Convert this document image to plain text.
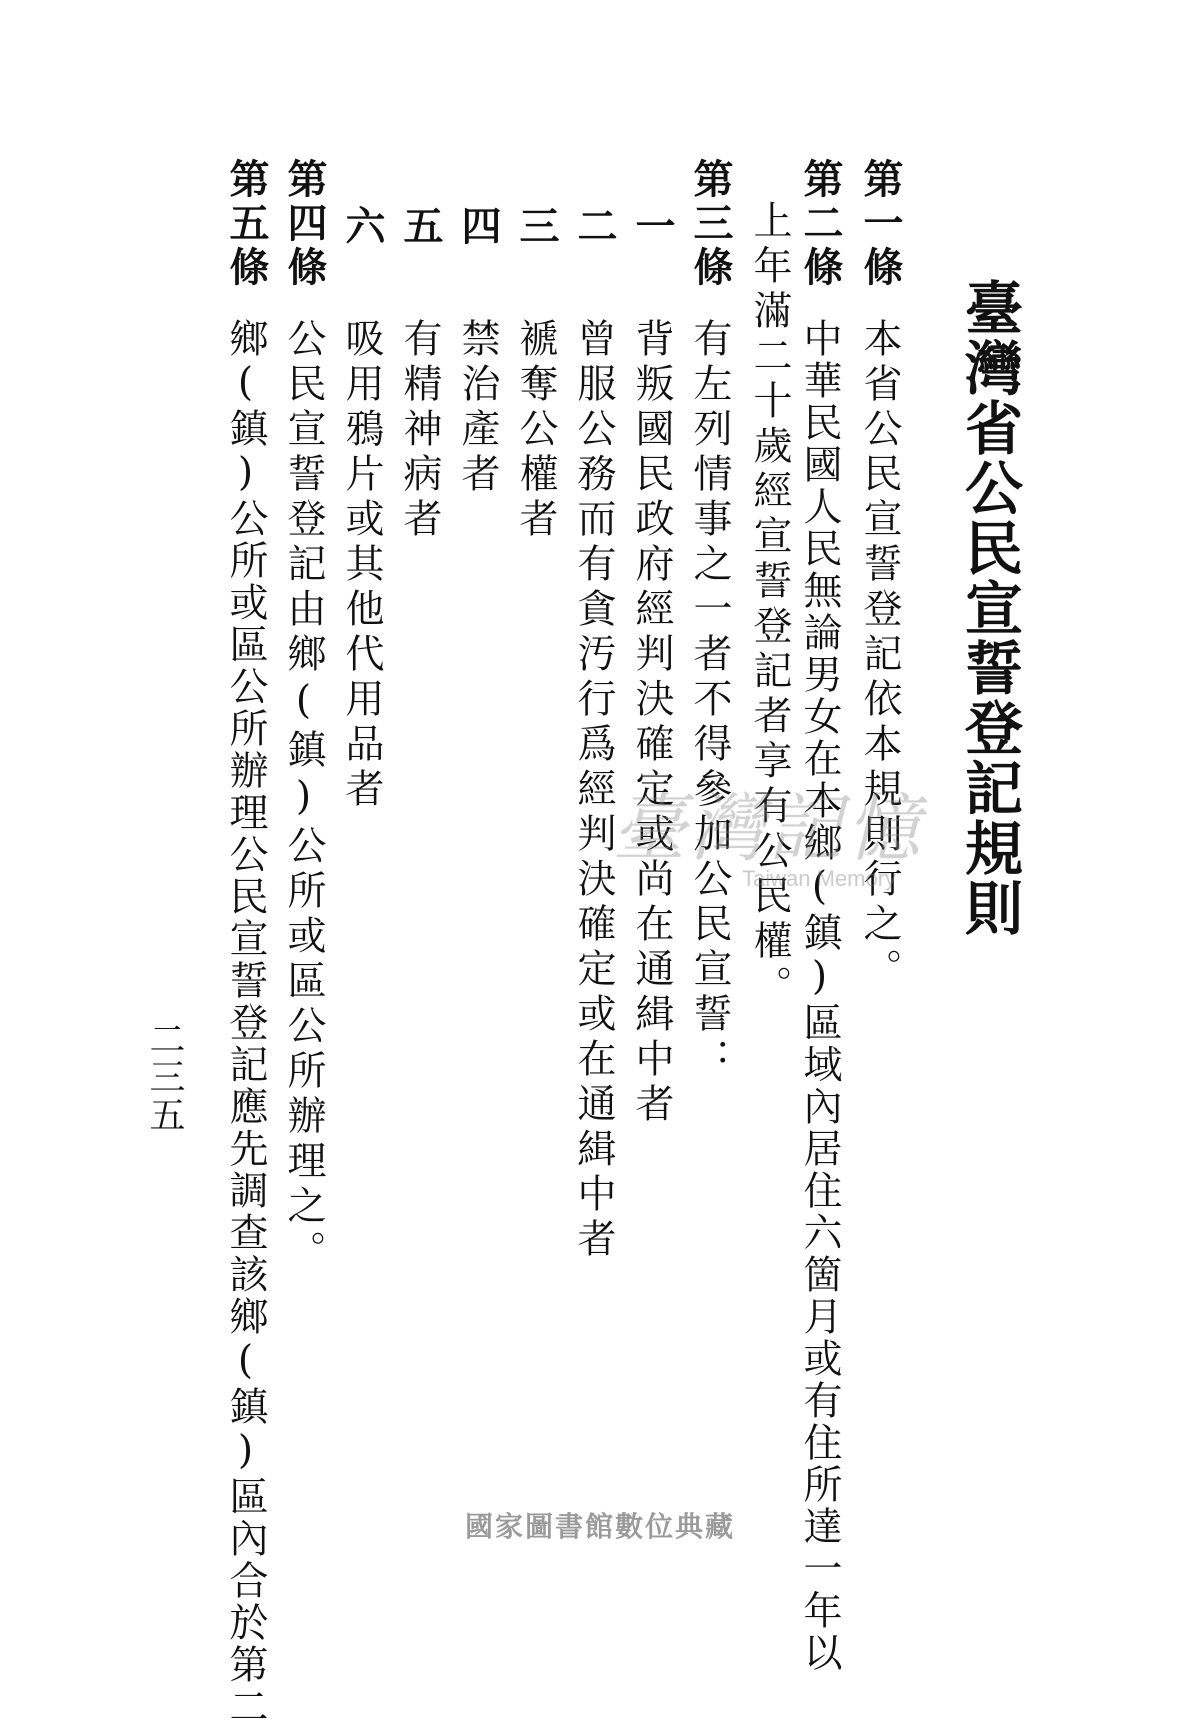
臺灣省公民宣誓登記規則
第一條
本省公民宣誓登記依本規則行之。
第二條
中華民國人民無論男女在本鄉(鎮)區域內居住六箇月或有住所達一年以
上年滿二十歲經宣誓登記者享有公民權。
第三條
有左列情事之一者不得參加公民宣誓：
一
背叛國民政府經判決確定或尚在通緝中者
二
曾服公務而有貪汚行爲經判決確定或在通緝中者
三
褫奪公權者
四
禁治產者
五
有精神病者
六
吸用鴉片或其他代用品者
第四條
公民宣誓登記由鄉(鎮)公所或區公所辦理之。
第五條
鄉(鎮)公所或區公所辦理公民宣誓登記應先調查該鄉(鎮)區內合於第二
二三五
臺灣記憶
Taiwan Memory
國家圖書館數位典藏
